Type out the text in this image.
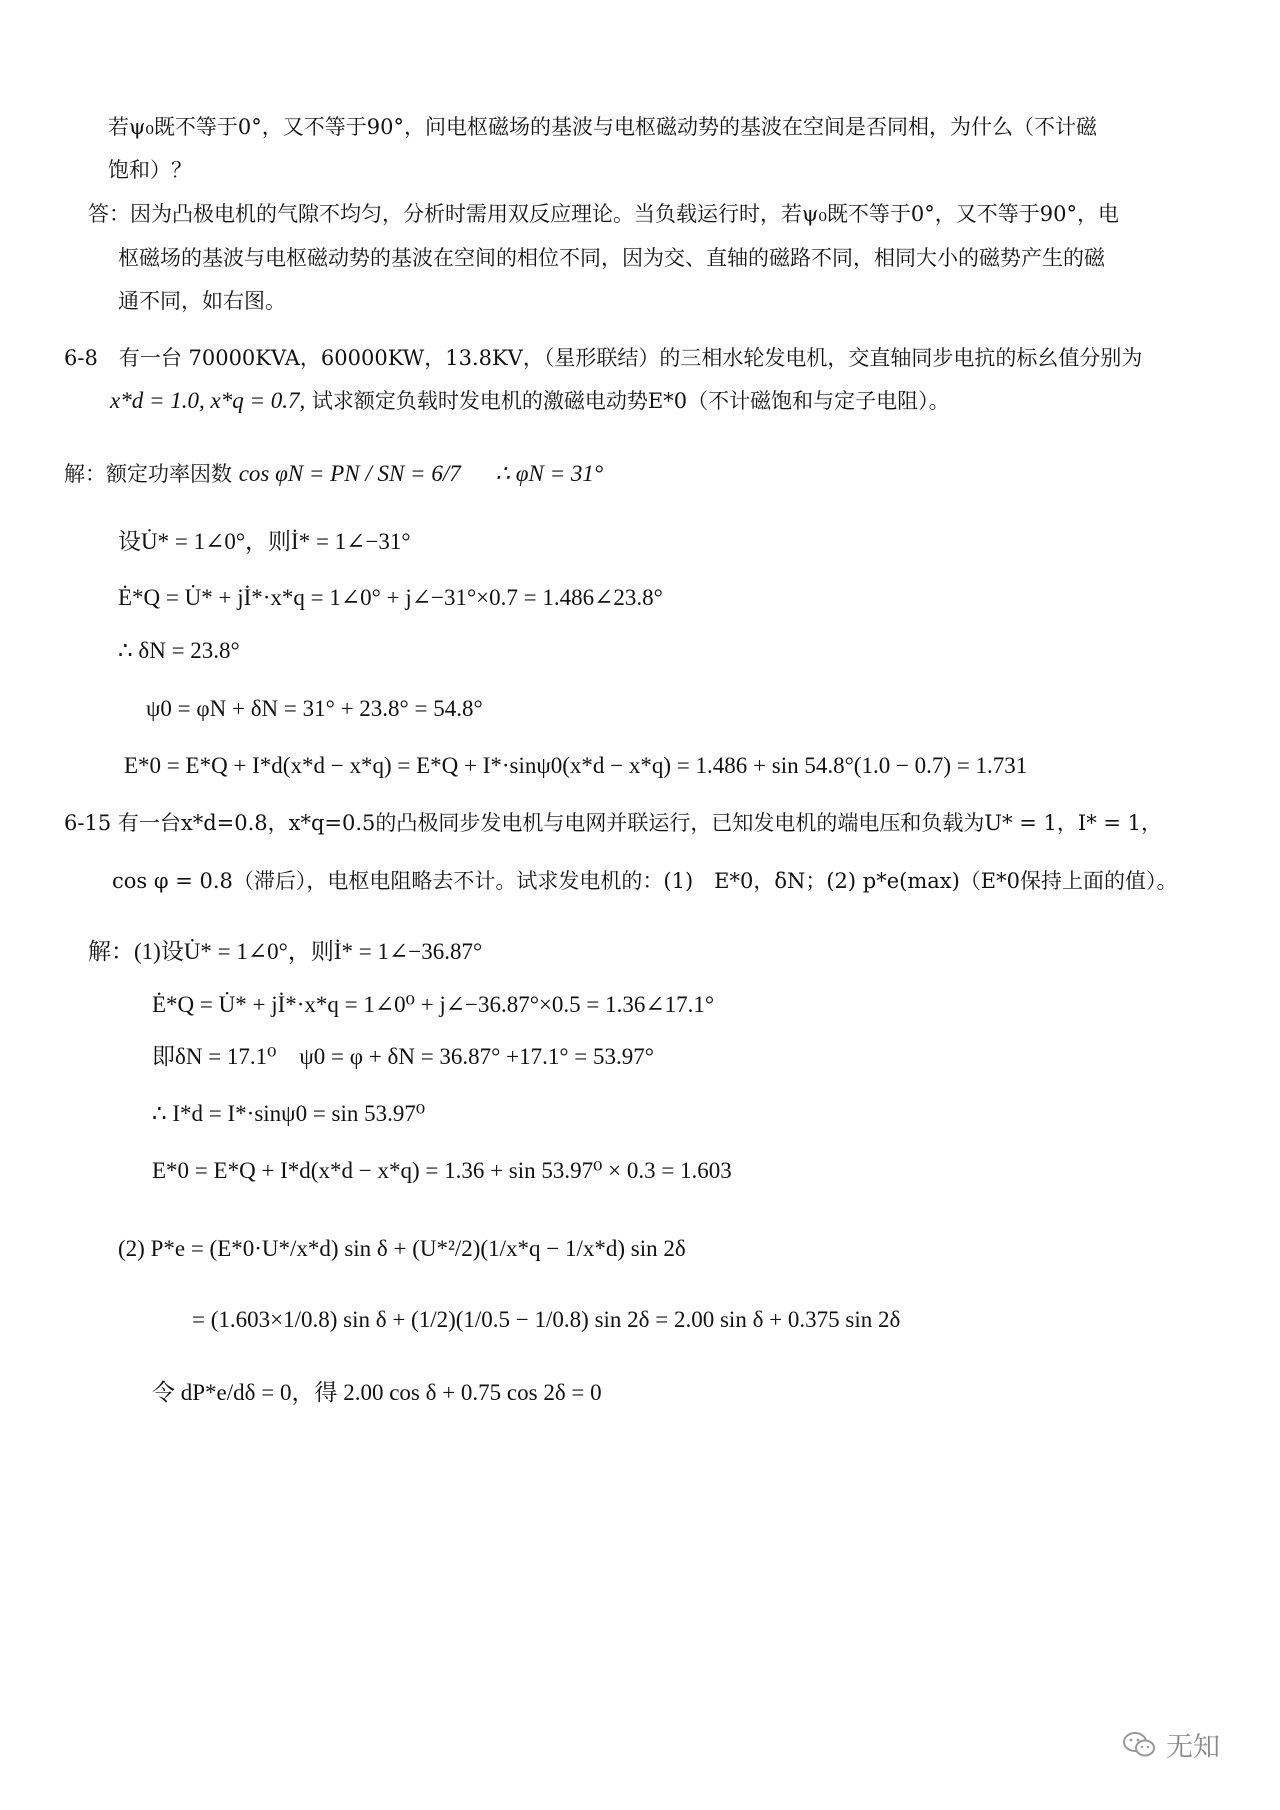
若ψ₀既不等于0°，又不等于90°，问电枢磁场的基波与电枢磁动势的基波在空间是否同相，为什么（不计磁
饱和）？
答：因为凸极电机的气隙不均匀，分析时需用双反应理论。当负载运行时，若ψ₀既不等于0°，又不等于90°，电
枢磁场的基波与电枢磁动势的基波在空间的相位不同，因为交、直轴的磁路不同，相同大小的磁势产生的磁
通不同，如右图。
6-8　有一台 70000KVA，60000KW，13.8KV，（星形联结）的三相水轮发电机，交直轴同步电抗的标幺值分别为
x*d = 1.0, x*q = 0.7, 试求额定负载时发电机的激磁电动势E*0（不计磁饱和与定子电阻）。
解：额定功率因数 cos φN = PN / SN = 6/7 ∴ φN = 31°
设U̇* = 1∠0°，则İ* = 1∠−31°
Ė*Q = U̇* + jİ*·x*q = 1∠0° + j∠−31°×0.7 = 1.486∠23.8°
∴ δN = 23.8°
ψ0 = φN + δN = 31° + 23.8° = 54.8°
E*0 = E*Q + I*d(x*d − x*q) = E*Q + I*·sinψ0(x*d − x*q) = 1.486 + sin 54.8°(1.0 − 0.7) = 1.731
6-15 有一台x*d=0.8，x*q=0.5的凸极同步发电机与电网并联运行，已知发电机的端电压和负载为U* = 1，I* = 1，
cos φ = 0.8（滞后），电枢电阻略去不计。试求发电机的：(1)　E*0，δN；(2) p*e(max)（E*0保持上面的值）。
解：(1)设U̇* = 1∠0°，则İ* = 1∠−36.87°
Ė*Q = U̇* + jİ*·x*q = 1∠0⁰ + j∠−36.87°×0.5 = 1.36∠17.1°
即δN = 17.1⁰　ψ0 = φ + δN = 36.87° +17.1° = 53.97°
∴ I*d = I*·sinψ0 = sin 53.97⁰
E*0 = E*Q + I*d(x*d − x*q) = 1.36 + sin 53.97⁰ × 0.3 = 1.603
(2) P*e = (E*0·U*/x*d) sin δ + (U*²/2)(1/x*q − 1/x*d) sin 2δ
= (1.603×1/0.8) sin δ + (1/2)(1/0.5 − 1/0.8) sin 2δ = 2.00 sin δ + 0.375 sin 2δ
令 dP*e/dδ = 0，得 2.00 cos δ + 0.75 cos 2δ = 0
无知
